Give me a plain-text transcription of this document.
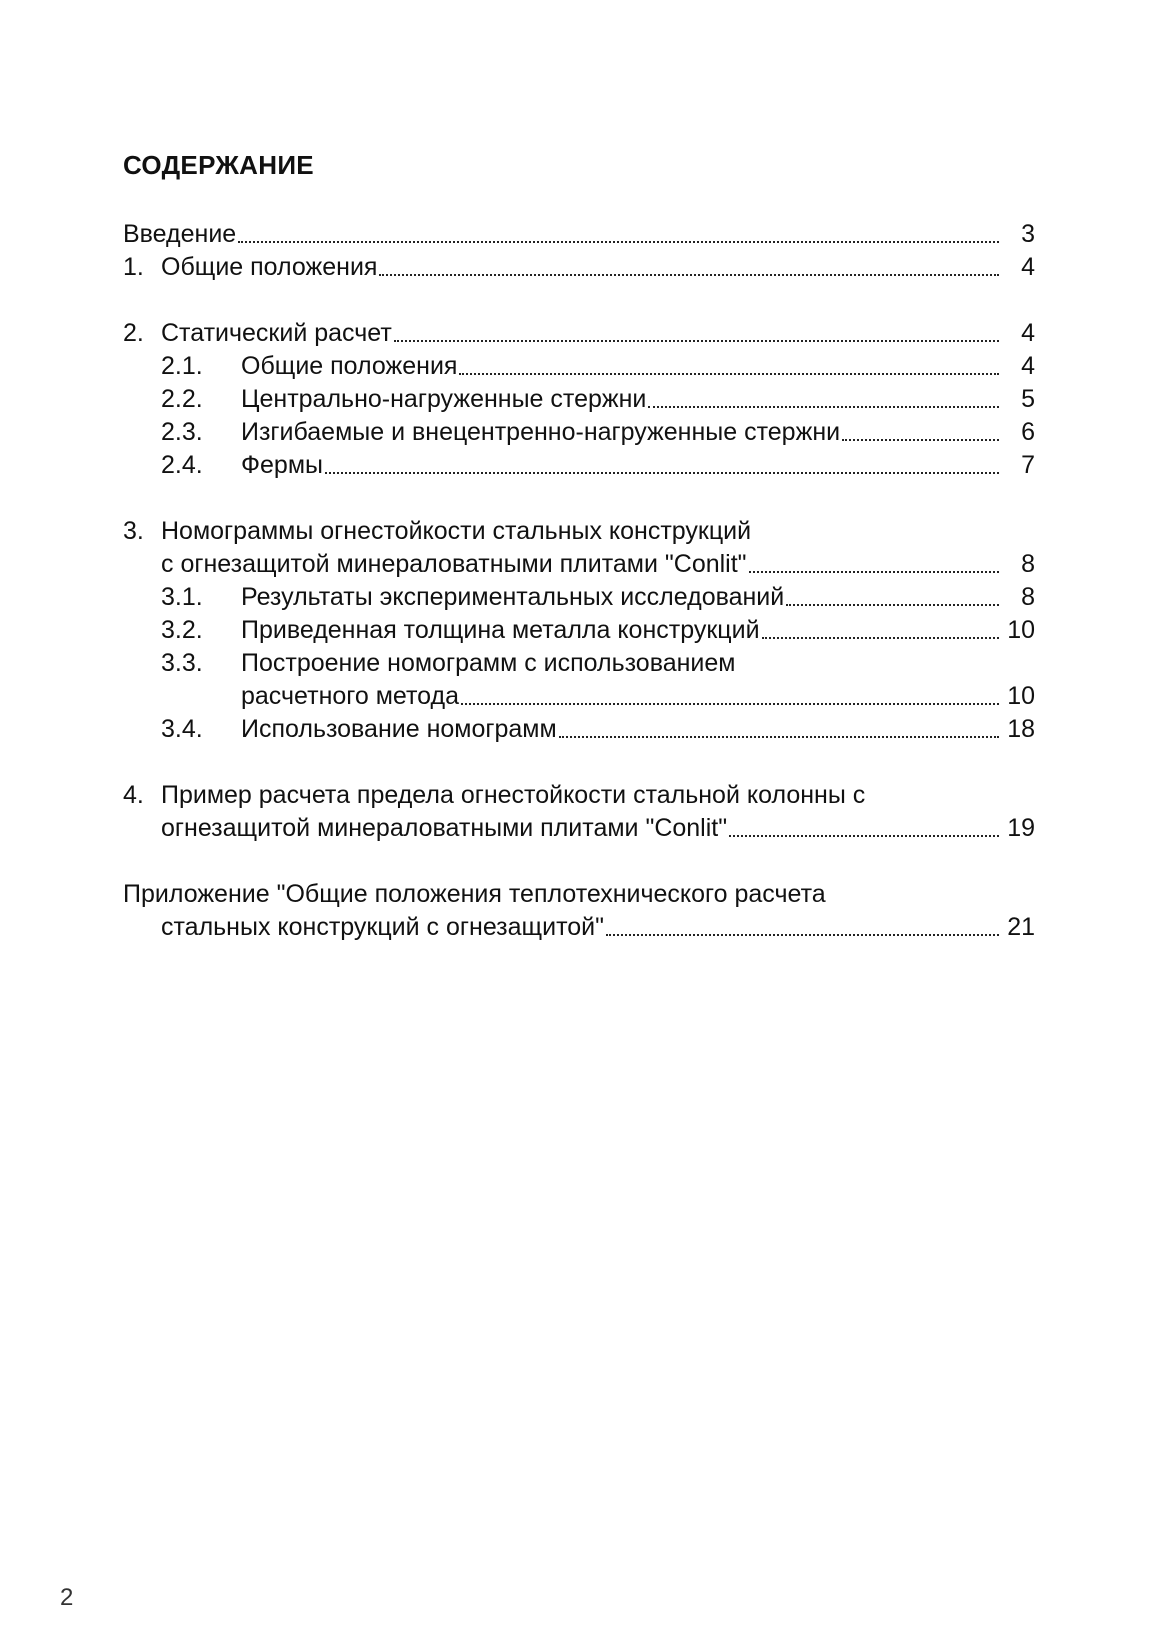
СОДЕРЖАНИЕ
Введение	3
1. Общие положения	4
2. Статический расчет	4
2.1.	Общие положения	4
2.2.	Центрально-нагруженные стержни	5
2.3.	Изгибаемые и внецентренно-нагруженные стержни	6
2.4.	Фермы	7
3. Номограммы огнестойкости стальных конструкций
с огнезащитой минераловатными плитами "Conlit"	8
3.1.	Результаты экспериментальных исследований	8
3.2.	Приведенная толщина металла конструкций	10
3.3.	Построение номограмм с использованием
расчетного метода	10
3.4.	Использование номограмм	18
4. Пример расчета предела огнестойкости стальной колонны с
огнезащитой минераловатными плитами "Conlit"	19
Приложение "Общие положения теплотехнического расчета
стальных конструкций с огнезащитой"	21
2
